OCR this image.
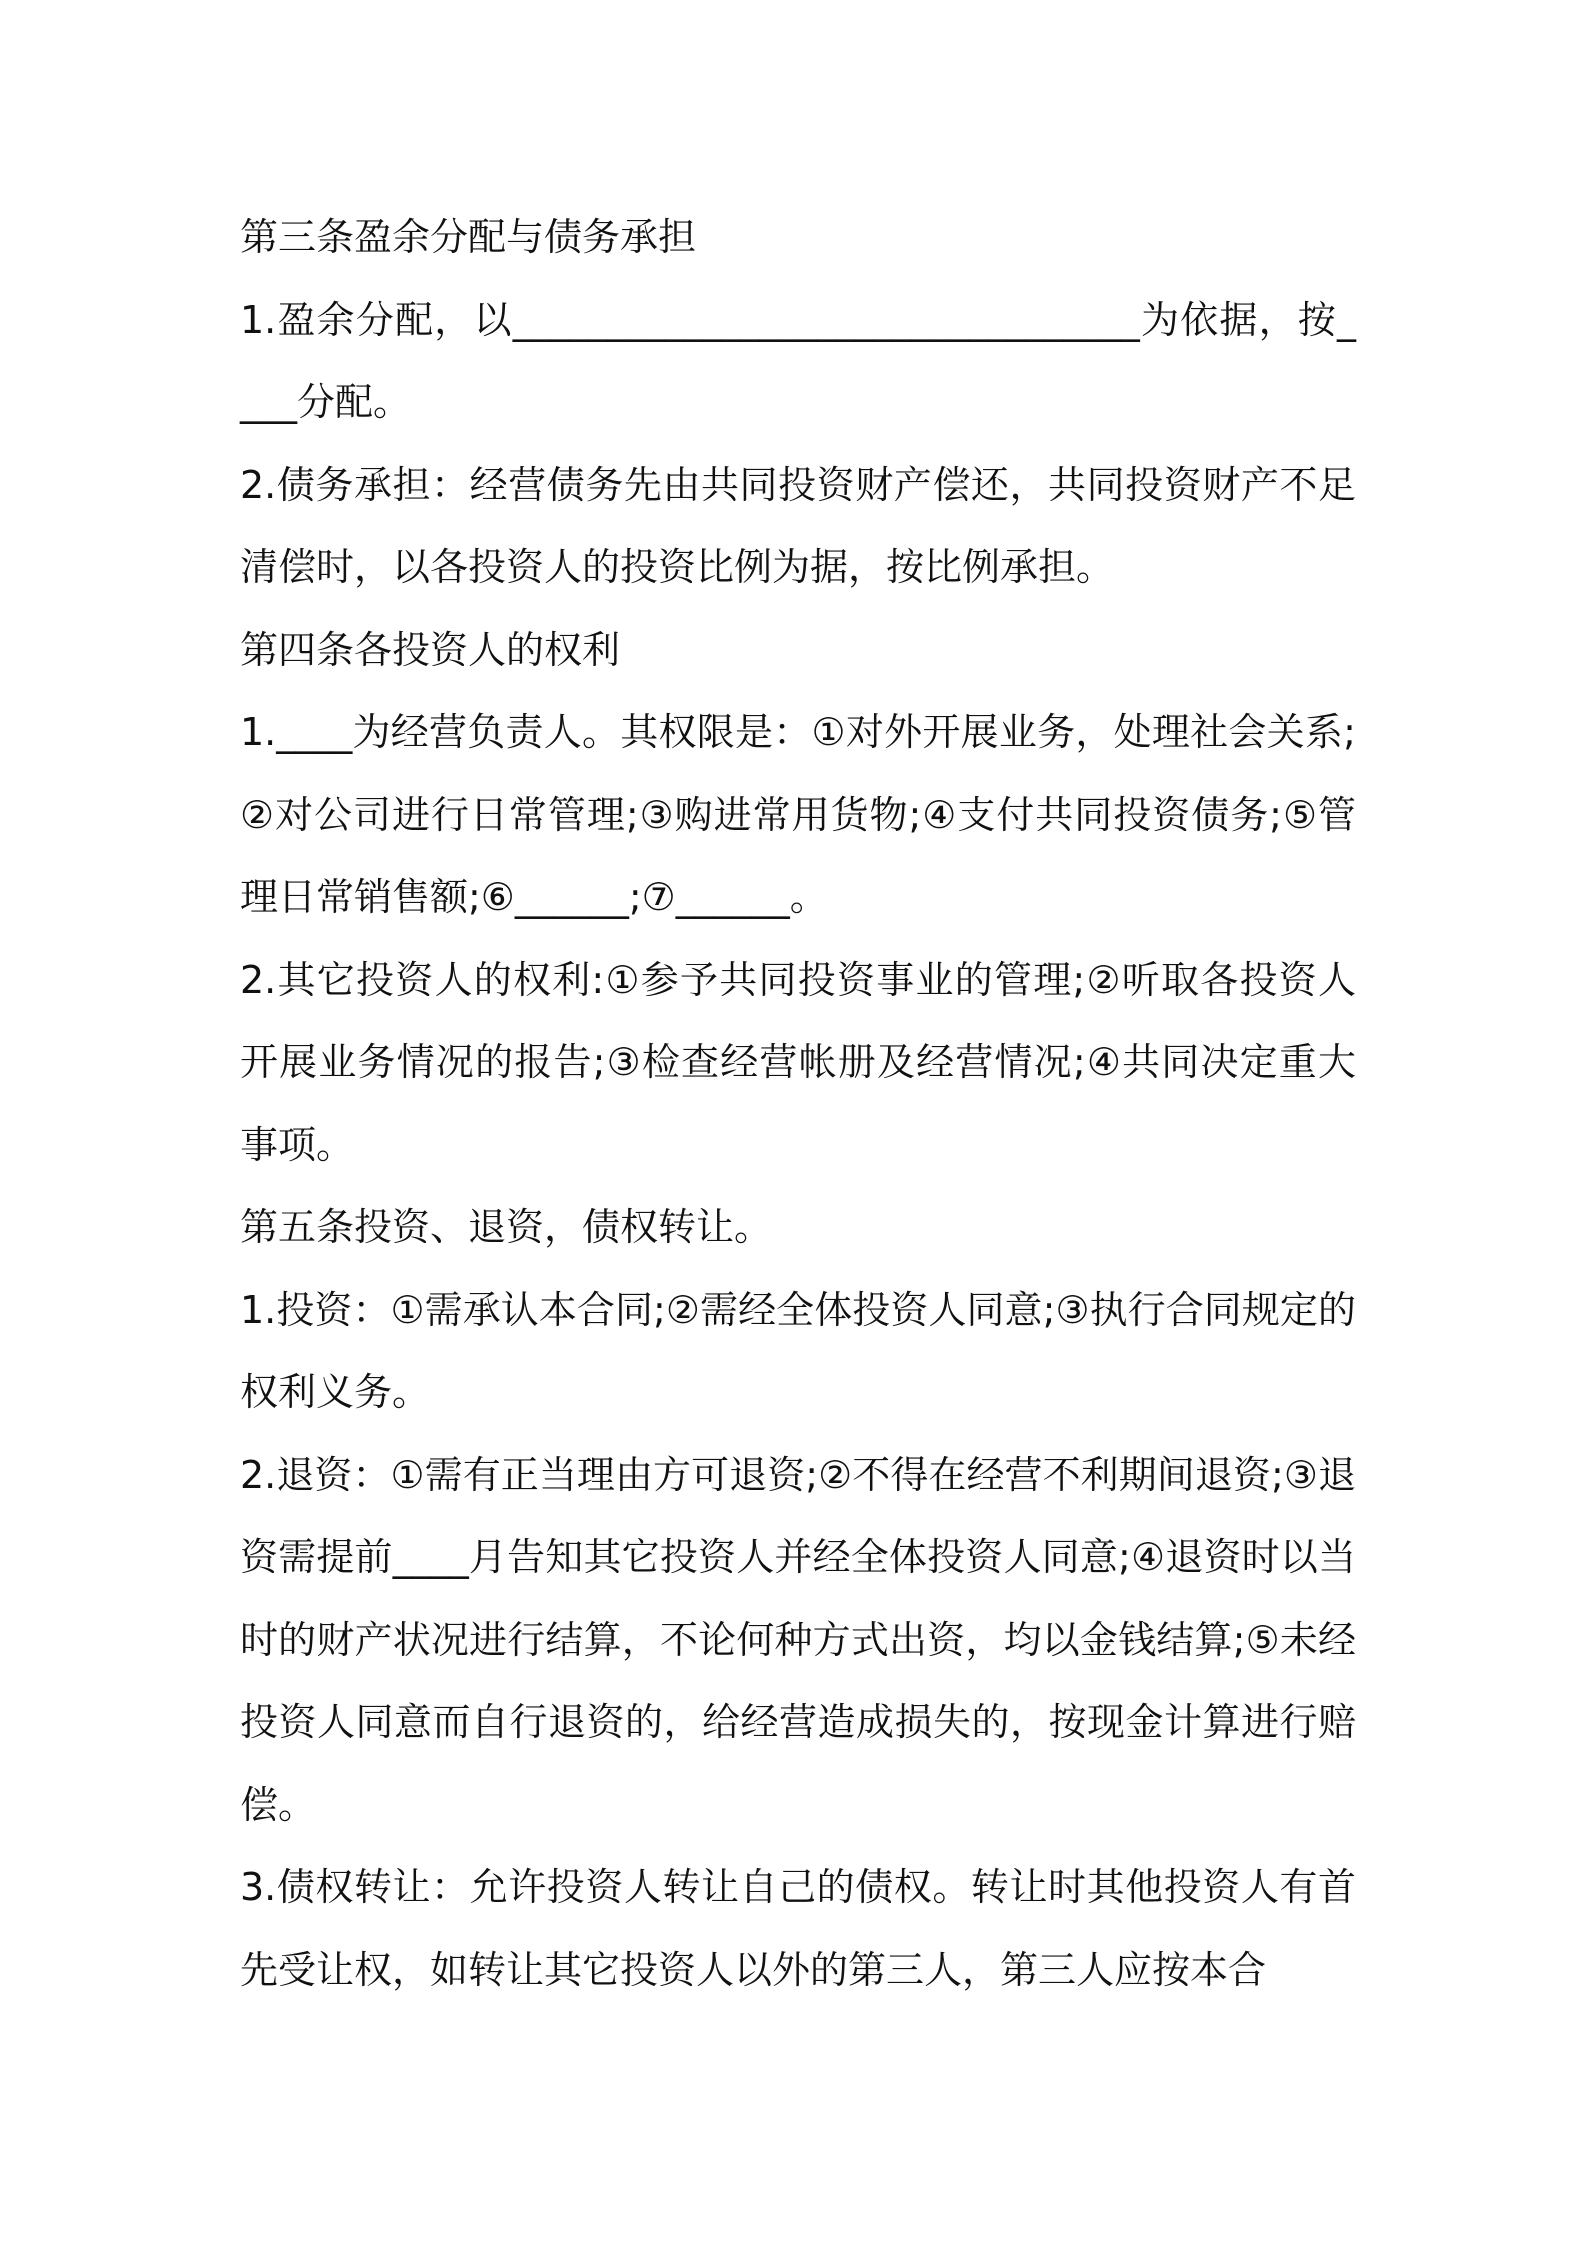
第三条盈余分配与债务承担

1.盈余分配，以_________________________________为依据，按____分配。

2.债务承担：经营债务先由共同投资财产偿还，共同投资财产不足清偿时，以各投资人的投资比例为据，按比例承担。

第四条各投资人的权利

1.____为经营负责人。其权限是：①对外开展业务，处理社会关系;②对公司进行日常管理;③购进常用货物;④支付共同投资债务;⑤管理日常销售额;⑥______;⑦______。

2.其它投资人的权利:①参予共同投资事业的管理;②听取各投资人开展业务情况的报告;③检查经营帐册及经营情况;④共同决定重大事项。

第五条投资、退资，债权转让。

1.投资：①需承认本合同;②需经全体投资人同意;③执行合同规定的权利义务。

2.退资：①需有正当理由方可退资;②不得在经营不利期间退资;③退资需提前____月告知其它投资人并经全体投资人同意;④退资时以当时的财产状况进行结算，不论何种方式出资，均以金钱结算;⑤未经投资人同意而自行退资的，给经营造成损失的，按现金计算进行赔偿。

3.债权转让：允许投资人转让自己的债权。转让时其他投资人有首先受让权，如转让其它投资人以外的第三人，第三人应按本合
